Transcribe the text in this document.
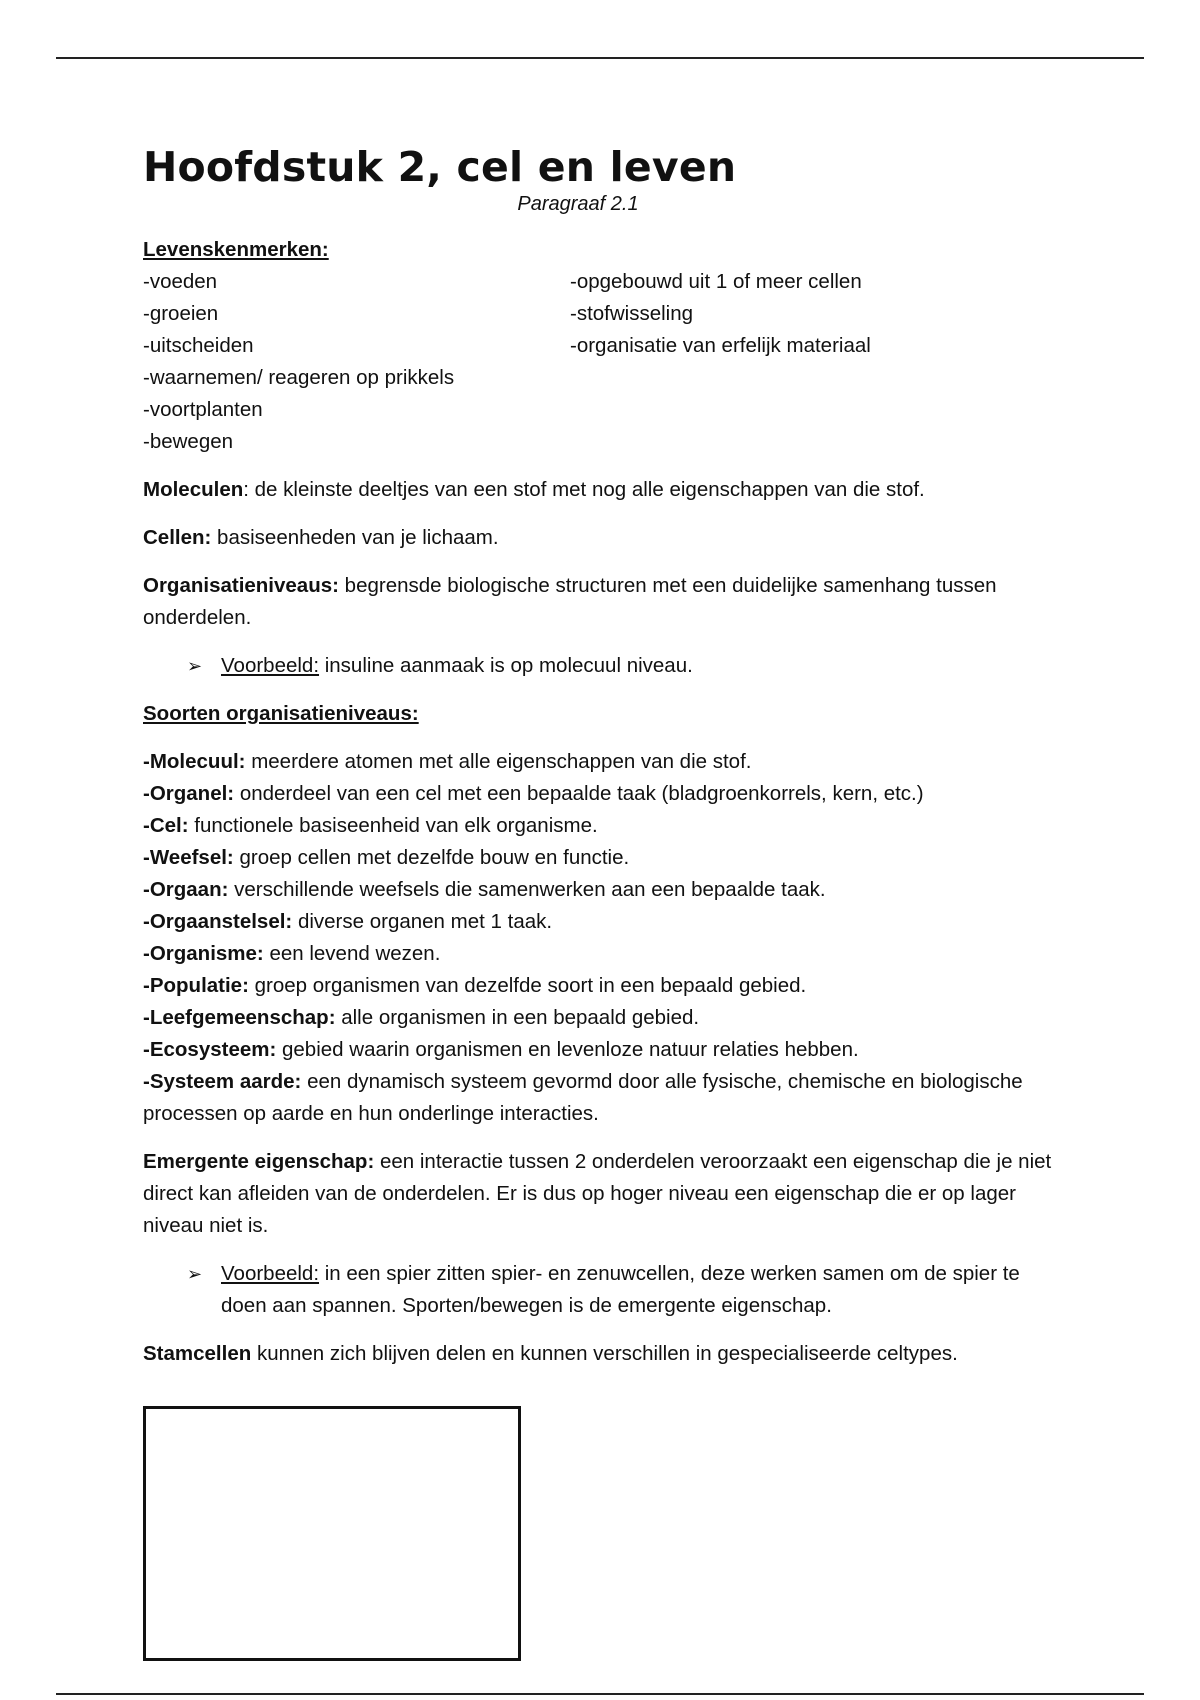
Hoofdstuk 2, cel en leven

Paragraaf 2.1

Levenskenmerken:

-voeden
-groeien
-uitscheiden
-waarnemen/ reageren op prikkels
-voortplanten
-bewegen
-opgebouwd uit 1 of meer cellen
-stofwisseling
-organisatie van erfelijk materiaal

Moleculen: de kleinste deeltjes van een stof met nog alle eigenschappen van die stof.

Cellen: basiseenheden van je lichaam.

Organisatieniveaus: begrensde biologische structuren met een duidelijke samenhang tussen onderdelen.

➢ Voorbeeld: insuline aanmaak is op molecuul niveau.

Soorten organisatieniveaus:

-Molecuul: meerdere atomen met alle eigenschappen van die stof.
-Organel: onderdeel van een cel met een bepaalde taak (bladgroenkorrels, kern, etc.)
-Cel: functionele basiseenheid van elk organisme.
-Weefsel: groep cellen met dezelfde bouw en functie.
-Orgaan: verschillende weefsels die samenwerken aan een bepaalde taak.
-Orgaanstelsel: diverse organen met 1 taak.
-Organisme: een levend wezen.
-Populatie: groep organismen van dezelfde soort in een bepaald gebied.
-Leefgemeenschap: alle organismen in een bepaald gebied.
-Ecosysteem: gebied waarin organismen en levenloze natuur relaties hebben.
-Systeem aarde: een dynamisch systeem gevormd door alle fysische, chemische en biologische processen op aarde en hun onderlinge interacties.

Emergente eigenschap: een interactie tussen 2 onderdelen veroorzaakt een eigenschap die je niet direct kan afleiden van de onderdelen. Er is dus op hoger niveau een eigenschap die er op lager niveau niet is.

➢ Voorbeeld: in een spier zitten spier- en zenuwcellen, deze werken samen om de spier te doen aan spannen. Sporten/bewegen is de emergente eigenschap.

Stamcellen kunnen zich blijven delen en kunnen verschillen in gespecialiseerde celtypes.
